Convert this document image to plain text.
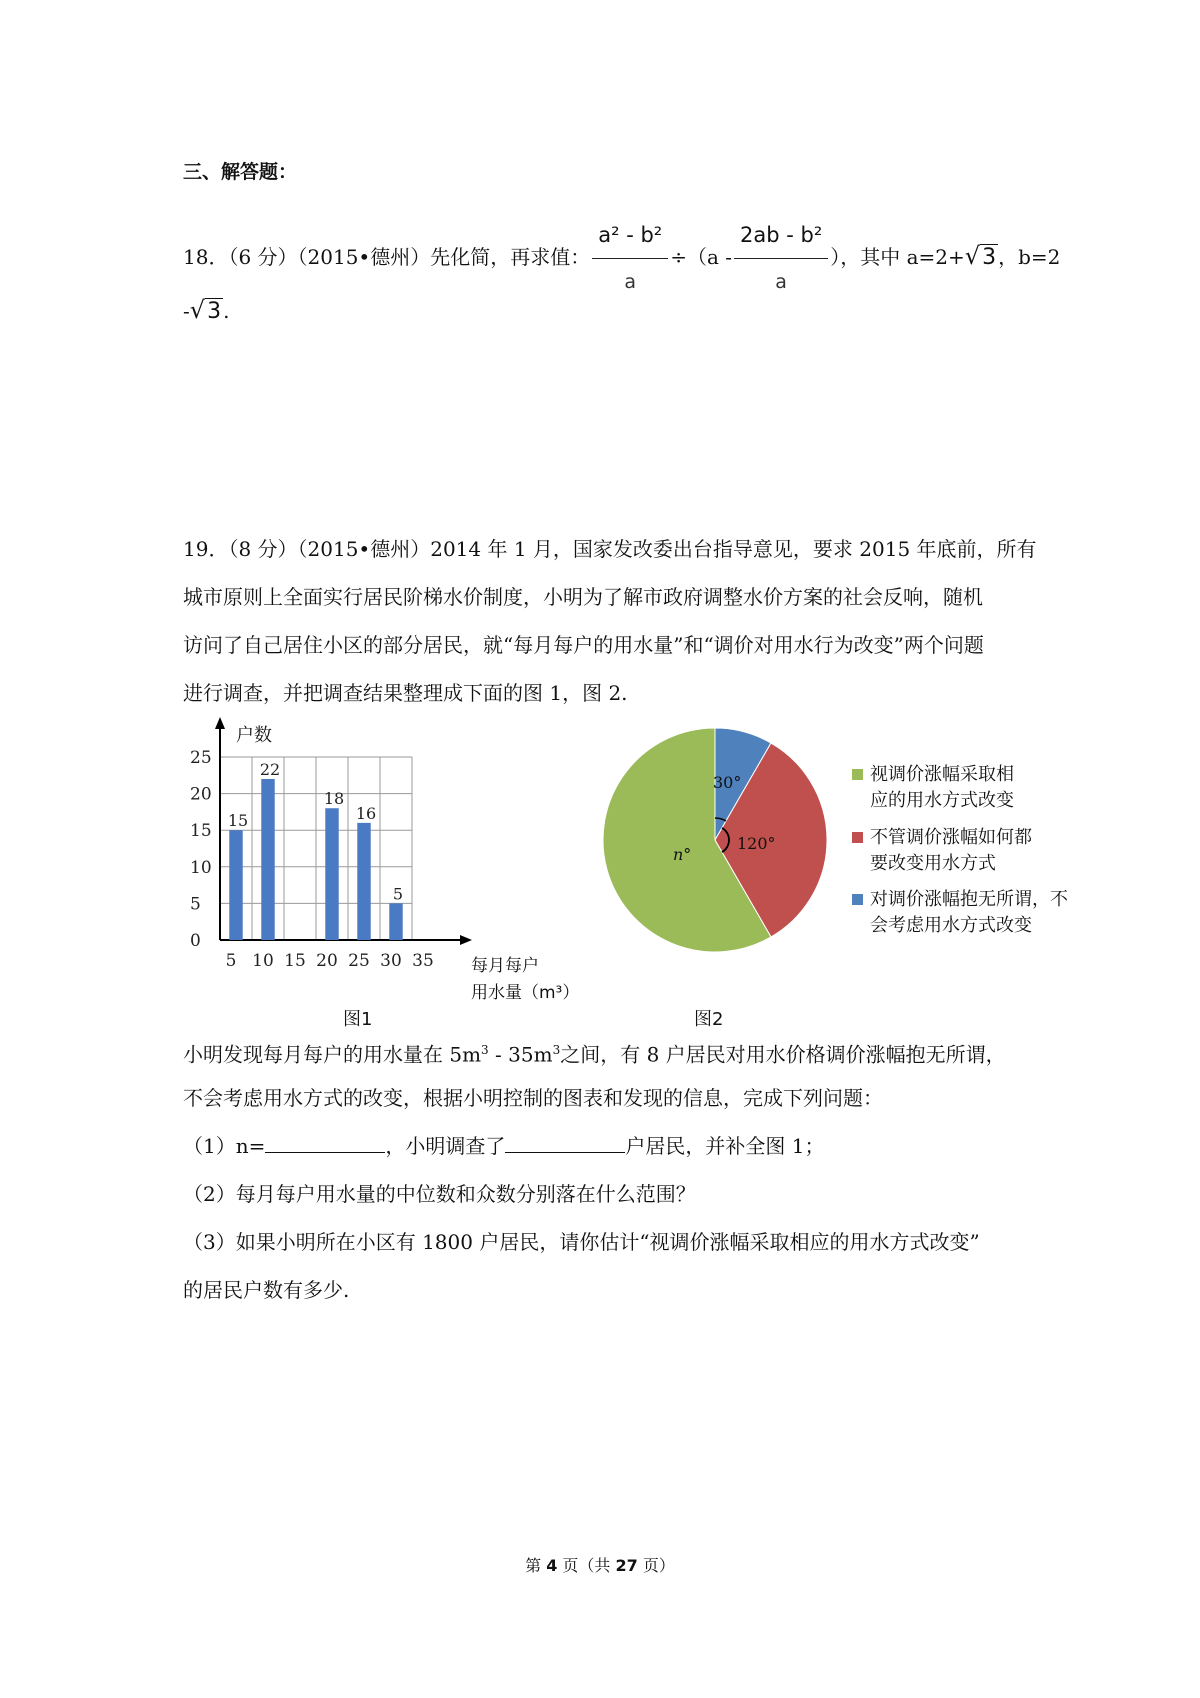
三、解答题：
18．（6 分）（2015•德州）先化简，再求值： $\frac{\text{a² - b²}}{a} \div(a - \frac{\text{2ab - b²}}{a}$ ），其中 a=2+√3 ，b=2
-√3 .
19．（8 分）（2015•德州）2014 年 1 月，国家发改委出台指导意见，要求 2015 年底前，所有
城市原则上全面实行居民阶梯水价制度，小明为了解市政府调整水价方案的社会反响，随机
访问了自己居住小区的部分居民，就“每月每户的用水量”和“调价对用水行为改变”两个问题
进行调查，并把调查结果整理成下面的图 1，图 2.
户数
每月每户
用水量（m³）
0
5
10
15
20
25
5 10 15 20 25 30 35
15
22
18
16
5
30°
120°
n°
视调价涨幅采取相
应的用水方式改变
不管调价涨幅如何都
要改变用水方式
对调价涨幅抱无所谓，不
会考虑用水方式改变
图1	图2
小明发现每月每户的用水量在 $5m^3 - 35m^3$之间，有 8 户居民对用水价格调价涨幅抱无所谓，
不会考虑用水方式的改变，根据小明控制的图表和发现的信息，完成下列问题：
（1）n=	，小明调查了	户居民，并补全图 1；
（2）每月每户用水量的中位数和众数分别落在什么范围？
（3）如果小明所在小区有 1800 户居民，请你估计“视调价涨幅采取相应的用水方式改变”
的居民户数有多少.
第 4 页（共 27 页）
